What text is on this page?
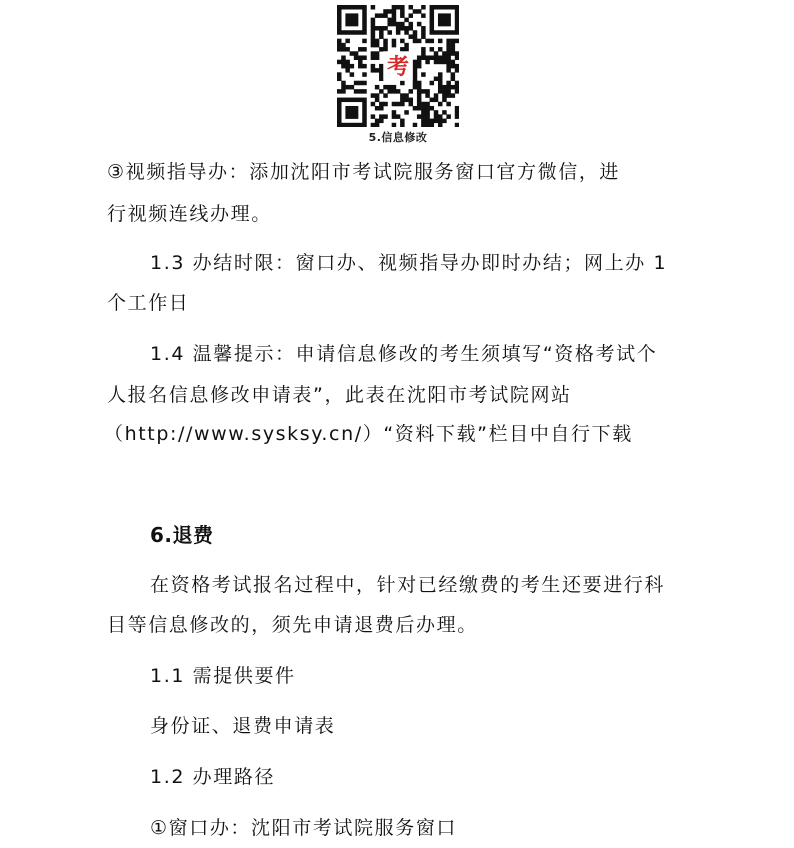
考
5.信息修改
③视频指导办：添加沈阳市考试院服务窗口官方微信，进
行视频连线办理。
1.3 办结时限：窗口办、视频指导办即时办结；网上办 1
个工作日
1.4 温馨提示：申请信息修改的考生须填写“资格考试个
人报名信息修改申请表”，此表在沈阳市考试院网站
（http://www.sysksy.cn/）“资料下载”栏目中自行下载
6.退费
在资格考试报名过程中，针对已经缴费的考生还要进行科
目等信息修改的，须先申请退费后办理。
1.1 需提供要件
身份证、退费申请表
1.2 办理路径
①窗口办：沈阳市考试院服务窗口
